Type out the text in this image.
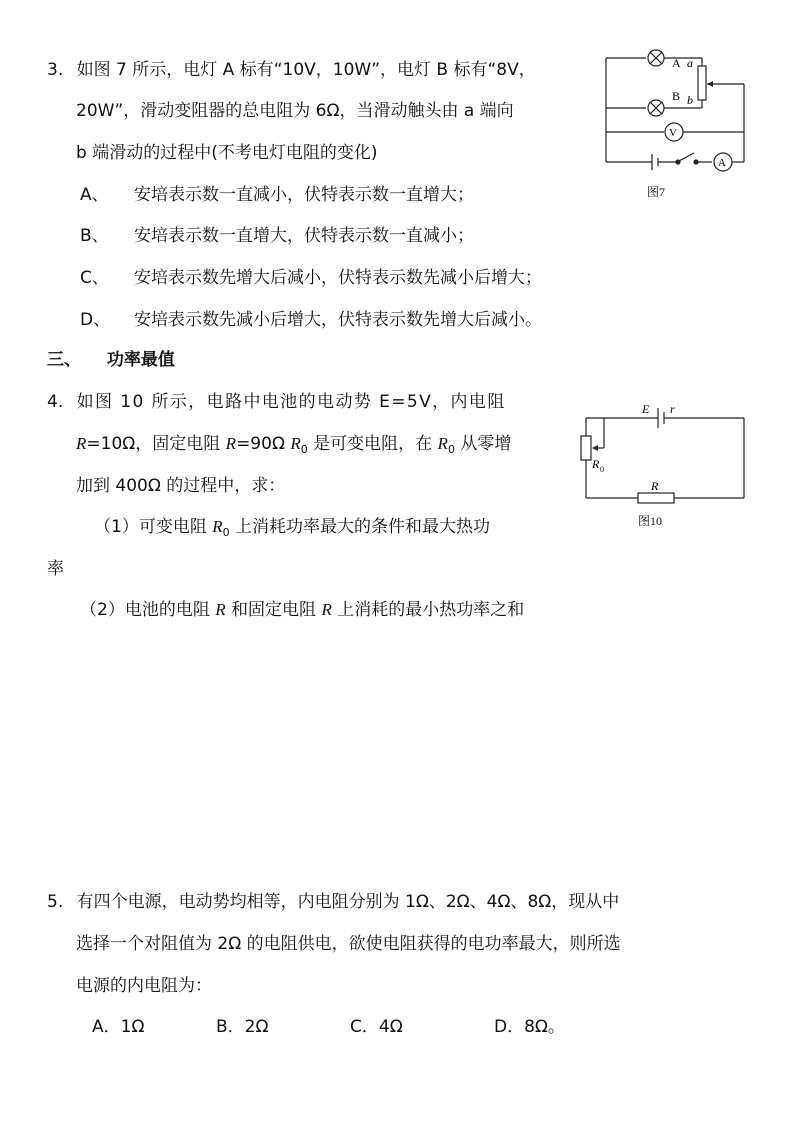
3. 如图 7 所示，电灯 A 标有“10V，10W”，电灯 B 标有“8V，
20W”，滑动变阻器的总电阻为 6Ω，当滑动触头由 a 端向
b 端滑动的过程中(不考电灯电阻的变化)
A、 安培表示数一直减小，伏特表示数一直增大；
B、 安培表示数一直增大，伏特表示数一直减小；
C、 安培表示数先增大后减小，伏特表示数先减小后增大；
D、 安培表示数先减小后增大，伏特表示数先增大后减小。
A a
B b
V
A
图7
三、 功率最值
4. 如图 10 所示，电路中电池的电动势 E=5V，内电阻
R=10Ω，固定电阻 R=90Ω $R_0$ 是可变电阻，在 $R_0$ 从零增
加到 400Ω 的过程中，求：
（1）可变电阻 $R_0$ 上消耗功率最大的条件和最大热功
率
（2）电池的电阻 R 和固定电阻 R 上消耗的最小热功率之和
E r
R 0
R
图10
5. 有四个电源，电动势均相等，内电阻分别为 1Ω、2Ω、4Ω、8Ω，现从中
选择一个对阻值为 2Ω 的电阻供电，欲使电阻获得的电功率最大，则所选
电源的内电阻为：
A．1Ω	B．2Ω	C．4Ω	D．8Ω。
